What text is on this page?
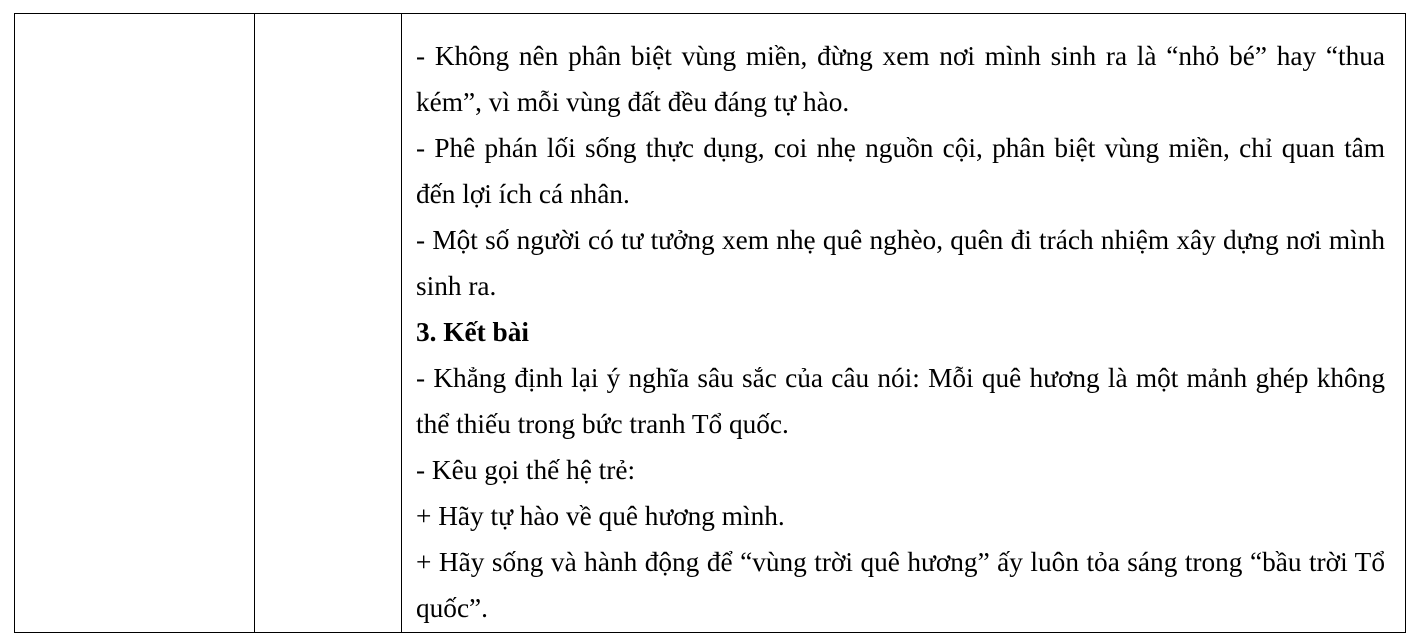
- Không nên phân biệt vùng miền, đừng xem nơi mình sinh ra là “nhỏ bé” hay “thua kém”, vì mỗi vùng đất đều đáng tự hào.

- Phê phán lối sống thực dụng, coi nhẹ nguồn cội, phân biệt vùng miền, chỉ quan tâm đến lợi ích cá nhân.

- Một số người có tư tưởng xem nhẹ quê nghèo, quên đi trách nhiệm xây dựng nơi mình sinh ra.

3. Kết bài

- Khẳng định lại ý nghĩa sâu sắc của câu nói: Mỗi quê hương là một mảnh ghép không thể thiếu trong bức tranh Tổ quốc.

- Kêu gọi thế hệ trẻ:

+ Hãy tự hào về quê hương mình.

+ Hãy sống và hành động để “vùng trời quê hương” ấy luôn tỏa sáng trong “bầu trời Tổ quốc”.
